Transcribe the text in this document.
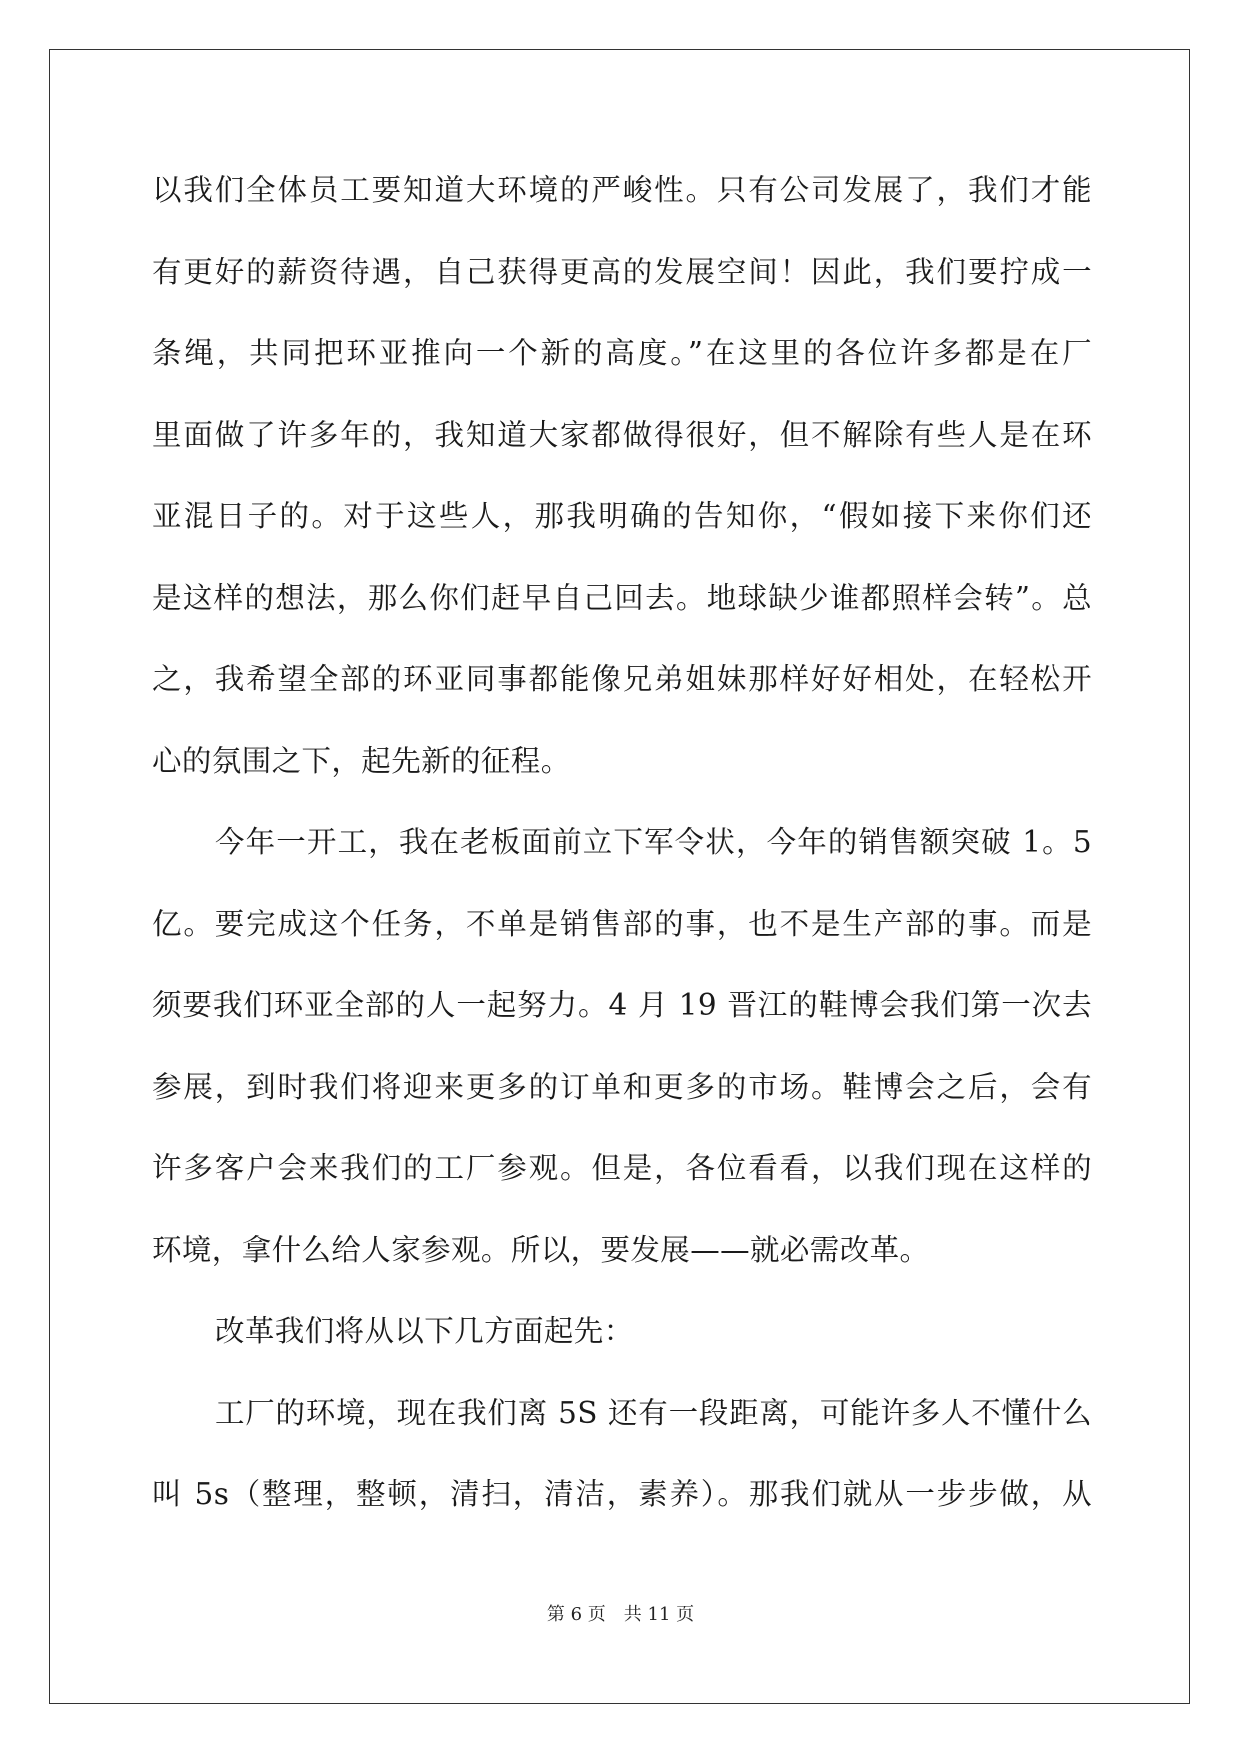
以我们全体员工要知道大环境的严峻性。只有公司发展了，我们才能
有更好的薪资待遇，自己获得更高的发展空间！因此，我们要拧成一
条绳，共同把环亚推向一个新的高度。”在这里的各位许多都是在厂
里面做了许多年的，我知道大家都做得很好，但不解除有些人是在环
亚混日子的。对于这些人，那我明确的告知你，“假如接下来你们还
是这样的想法，那么你们赶早自己回去。地球缺少谁都照样会转”。总
之，我希望全部的环亚同事都能像兄弟姐妹那样好好相处，在轻松开
心的氛围之下，起先新的征程。
今年一开工，我在老板面前立下军令状，今年的销售额突破 1。5
亿。要完成这个任务，不单是销售部的事，也不是生产部的事。而是
须要我们环亚全部的人一起努力。4 月 19 晋江的鞋博会我们第一次去
参展，到时我们将迎来更多的订单和更多的市场。鞋博会之后，会有
许多客户会来我们的工厂参观。但是，各位看看，以我们现在这样的
环境，拿什么给人家参观。所以，要发展——就必需改革。
改革我们将从以下几方面起先：
工厂的环境，现在我们离 5S 还有一段距离，可能许多人不懂什么
叫 5s（整理，整顿，清扫，清洁，素养）。那我们就从一步步做，从
第 6 页　共 11 页
